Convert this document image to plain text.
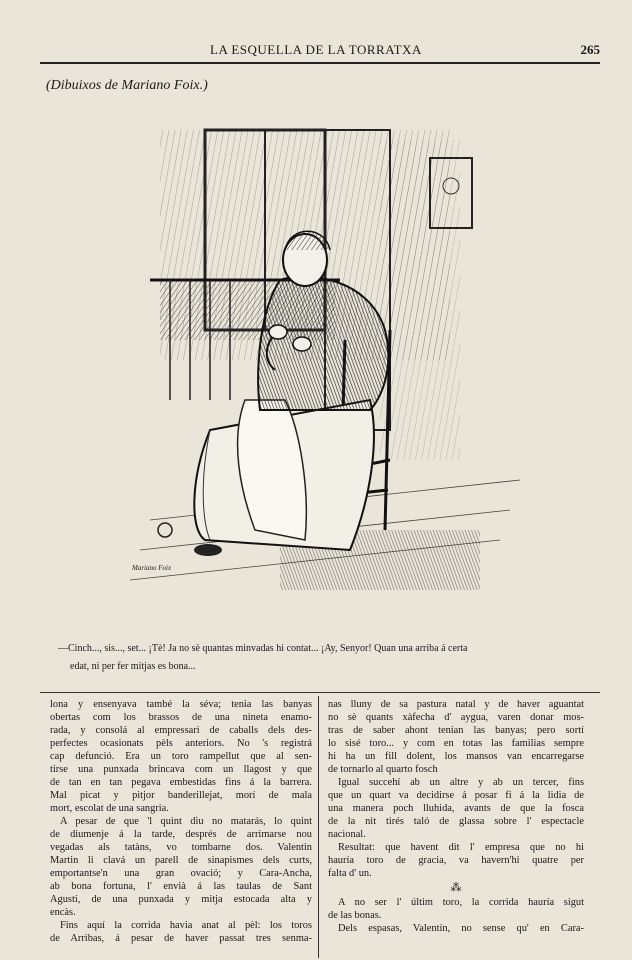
LA ESQUELLA DE LA TORRATXA	265
(Dibuixos de Mariano Foix.)
Mariano Foix
—Cinch..., sis..., set... ¡Tè! Ja no sè quantas minvadas hi contat... ¡Ay, Senyor! Quan una arriba á certa
edat, ni per fer mitjas es bona...
lona y ensenyava també la séva; tenia las banyas
obertas com los brassos de una nineta enamo-
rada, y consolá al empressari de caballs dels des-
perfectes ocasionats pèls anteriors. No 's registrá
cap defunció. Era un toro rampellut que al sen-
tirse una punxada brincava com un llagost y que
de tan en tan pegava embestidas fins á la barrera.
Mal picat y pitjor banderillejat, morí de mala
mort, escolat de una sangria.
A pesar de que 'l quint diu no matarás, lo quint
de diumenje á la tarde, després de arrimarse nou
vegadas als tatàns, vo tombarne dos. Valentin
Martin li clavá un parell de sinapismes dels curts,
emportantse'n una gran ovació; y Cara-Ancha,
ab bona fortuna, l' envià á las taulas de Sant
Agustí, de una punxada y mitja estocada alta y
encàs.
Fins aquí la corrida havia anat al pèl: los toros
de Arribas, á pesar de haver passat tres senma-
nas lluny de sa pastura natal y de haver aguantat
no sè quants xàfecha d' ayguа, varen donar mos-
tras de saber ahont tenían las banyas; pero sortí
lo sisé toro... y com en totas las familias sempre
hi ha un fill dolent, los mansos van encarregarse
de tornarlo al quarto fosch
Igual succehí ab un altre y ab un tercer, fins
que un quart va decidirse á posar fi á la lidia de
una manera poch lluhida, avants de que la fosca
de la nit tirés taló de glassa sobre l' espectacle
nacional.
Resultat: que havent dit l' empresa que no hi
hauría toro de gracia, va havern'hi quatre per
falta d' un.
⁂
A no ser l' últim toro, la corrida hauría sigut
de las bonas.
Dels espasas, Valentín, no sense qu' en Cara-
